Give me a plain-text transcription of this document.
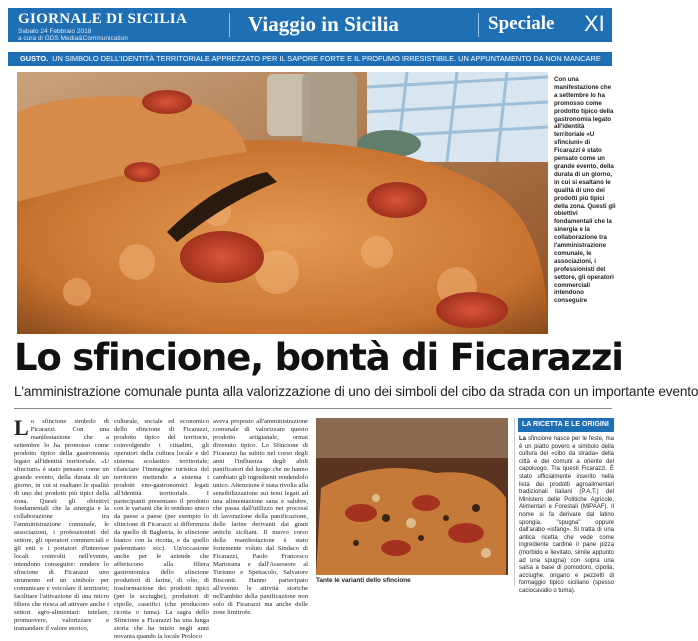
GIORNALE DI SICILIA
Sabato 24 Febbraio 2018
a cura di GDS Media&Communication
Viaggio in Sicilia	Speciale XI
GUSTO. UN SIMBOLO DELL'IDENTITÀ TERRITORIALE APPREZZATO PER IL SAPORE FORTE E IL PROFUMO IRRESISTIBILE. UN APPUNTAMENTO DA NON MANCARE
Con una manifestazione che a settembre lo ha promosso come prodotto tipico della gastronomia legato all'identità territoriale «U sfinciuni» di Ficarazzi è stato pensato come un grande evento, della durata di un giorno, in cui si esaltano le qualità di uno dei prodotti più tipici della zona. Questi gli obiettivi fondamentali che la sinergia e la collaborazione tra l'amministrazione comunale, le associazioni, i professionisti del settore, gli operatori commerciali intendono conseguire
Lo sfincione, bontà di Ficarazzi
L'amministrazione comunale punta alla valorizzazione di uno dei simboli del cibo da strada con un importante evento
Lo sfincione simbolo di Ficarazzi. Con una manifestazione che a settembre lo ha promosso come prodotto tipico della gastronomia legato all'identità territoriale. «U sfinciuni» è stato pensato come un grande evento, della durata di un giorno, in cui si esaltano le qualità di uno dei prodotti più tipici della zona. Questi gli obiettivi fondamentali che la sinergia e la collaborazione tra l'amministrazione comunale, le associazioni, i professionisti del settore, gli operatori commerciali e gli enti e i portatori d'interesse locali coinvolti nell'evento, intendono conseguire: rendere lo sfincione di Ficarazzi uno strumento ed un simbolo per comunicare e veicolare il territorio; facilitare l'attivazione di una micro filiera che riesca ad attivare anche i settori agro-alimentari: tutelare, promuovere, valorizzare e tramandare il valore storico,
culturale, sociale ed economico dello sfincione di Ficarazzi, prodotto tipico del territorio, coinvolgendo i cittadini, gli operatori della cultura locale e del sistema scolastico territoriale; rilanciare l'immagine turistica del territorio mettendo a sistema i prodotti eno-gastronomici legati all'identità territoriale. I partecipanti presentano il prodotto con le varianti che lo rendono unico da paese a paese (per esempio lo sfincione di Ficarazzi si differenzia da quello di Bagheria, lo sfincione bianco con la ricotta, e da quello palermitano ecc). Un'occasione anche per le aziende che afferiscono alla filiera gastronomica dello sfincione produttori di farine, di olio, di trasformazione dei prodotti tipici (per le acciughe), produttori di cipolle, caseifici (che producono ricotta o tuma). La sagra dello Sfincione a Ficarazzi ha una lunga storia che ha inizio negli anni novanta quando la locale Proloco
aveva proposto all'amministrazione comunale di valorizzare questo prodotto artigianale, ormai divenuto tipico. Lo Sfincione di Ficarazzi ha subito nel corso degli anni l'influenza degli abili panificatori del luogo che ne hanno cambiato gli ingredienti rendendolo unico. Attenzione è stata rivolta alla sensibilizzazione sui temi legati ad una alimentazione sana e salubre, che passa dall'utilizzo nei processi di lavorazione della panificazione, delle farine derivanti dai grani antichi siciliani. Il nuovo corso della manifestazione è stato fortemente voluto dal Sindaco di Ficarazzi, Paolo Francesco Martorana e dall'Assessore al Turismo e Spettacolo, Salvatore Bisconti. Hanno partecipato all'evento le attività storiche nell'ambito della panificazione non solo di Ficarazzi ma anche delle zone limitrofe.
Tante le varianti dello sfincione
LA RICETTA E LE ORIGINI
La sfincione nasce per le feste, ma è un piatto povero e simbolo della cultura del «cibo da strada» della città e dei comuni a oriente del capoluogo. Tra questi Ficarazzi. È stato ufficialmente inserito nella lista dei prodotti agroalimentari tradizionali italiani (P.A.T.) del Ministero delle Politiche Agricole, Alimentari e Forestali (MiPAAF). Il nome si fa derivare dal latino spongia, "spugna" oppure dall'arabo «isfang». Si tratta di una antica ricetta che vede come ingrediente cardine il pane pizza (morbido e lievitato, simile appunto ad una spugna) con sopra una salsa a base di pomodoro, cipolla, acciughe, origano e pezzetti di formaggio tipico siciliano (spesso caciocavallo o tuma).
